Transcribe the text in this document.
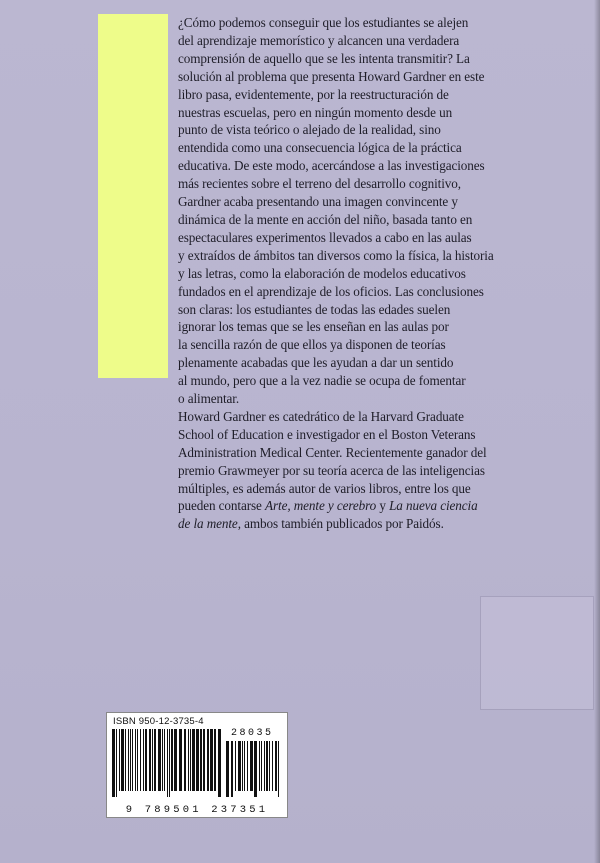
¿Cómo podemos conseguir que los estudiantes se alejen
del aprendizaje memorístico y alcancen una verdadera
comprensión de aquello que se les intenta transmitir? La
solución al problema que presenta Howard Gardner en este
libro pasa, evidentemente, por la reestructuración de
nuestras escuelas, pero en ningún momento desde un
punto de vista teórico o alejado de la realidad, sino
entendida como una consecuencia lógica de la práctica
educativa. De este modo, acercándose a las investigaciones
más recientes sobre el terreno del desarrollo cognitivo,
Gardner acaba presentando una imagen convincente y
dinámica de la mente en acción del niño, basada tanto en
espectaculares experimentos llevados a cabo en las aulas
y extraídos de ámbitos tan diversos como la física, la historia
y las letras, como la elaboración de modelos educativos
fundados en el aprendizaje de los oficios. Las conclusiones
son claras: los estudiantes de todas las edades suelen
ignorar los temas que se les enseñan en las aulas por
la sencilla razón de que ellos ya disponen de teorías
plenamente acabadas que les ayudan a dar un sentido
al mundo, pero que a la vez nadie se ocupa de fomentar
o alimentar.

Howard Gardner es catedrático de la Harvard Graduate
School of Education e investigador en el Boston Veterans
Administration Medical Center. Recientemente ganador del
premio Grawmeyer por su teoría acerca de las inteligencias
múltiples, es además autor de varios libros, entre los que
pueden contarse Arte, mente y cerebro y La nueva ciencia
de la mente, ambos también publicados por Paidós.

ISBN 950-12-3735-4
28035
9 789501 237351
